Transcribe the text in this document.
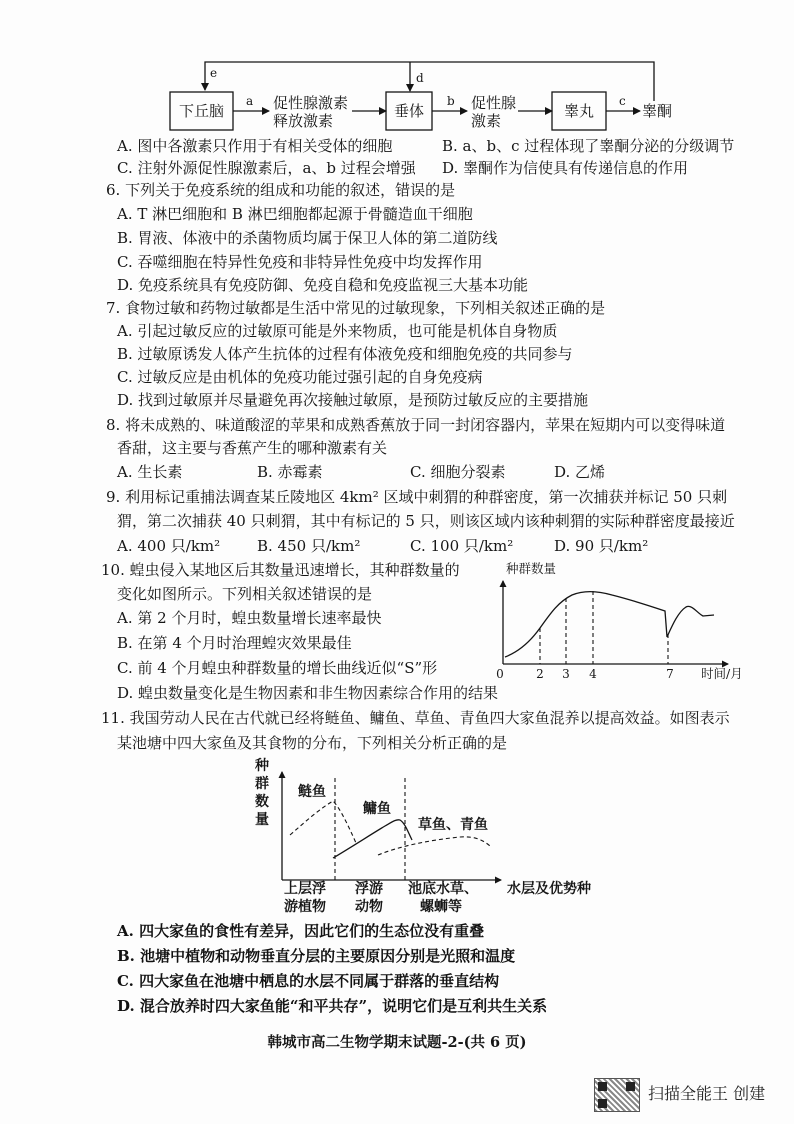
下丘脑
a 促性腺激素
释放激素
垂体
b 促性腺
激素
睾丸
c
睾酮
d
e
A. 图中各激素只作用于有相关受体的细胞	B. a、b、c 过程体现了睾酮分泌的分级调节
C. 注射外源促性腺激素后，a、b 过程会增强 D. 睾酮作为信使具有传递信息的作用
6. 下列关于免疫系统的组成和功能的叙述，错误的是
A. T 淋巴细胞和 B 淋巴细胞都起源于骨髓造血干细胞
B. 胃液、体液中的杀菌物质均属于保卫人体的第二道防线
C. 吞噬细胞在特异性免疫和非特异性免疫中均发挥作用
D. 免疫系统具有免疫防御、免疫自稳和免疫监视三大基本功能
7. 食物过敏和药物过敏都是生活中常见的过敏现象，下列相关叙述正确的是
A. 引起过敏反应的过敏原可能是外来物质，也可能是机体自身物质
B. 过敏原诱发人体产生抗体的过程有体液免疫和细胞免疫的共同参与
C. 过敏反应是由机体的免疫功能过强引起的自身免疫病
D. 找到过敏原并尽量避免再次接触过敏原，是预防过敏反应的主要措施
8. 将未成熟的、味道酸涩的苹果和成熟香蕉放于同一封闭容器内，苹果在短期内可以变得味道
香甜，这主要与香蕉产生的哪种激素有关
A. 生长素	B. 赤霉素	C. 细胞分裂素	D. 乙烯
9. 利用标记重捕法调查某丘陵地区 4km² 区域中刺猬的种群密度，第一次捕获并标记 50 只刺
猬，第二次捕获 40 只刺猬，其中有标记的 5 只，则该区域内该种刺猬的实际种群密度最接近
A. 400 只/km² B. 450 只/km²	C. 100 只/km²	D. 90 只/km²
10. 蝗虫侵入某地区后其数量迅速增长，其种群数量的
变化如图所示。下列相关叙述错误的是
A. 第 2 个月时，蝗虫数量增长速率最快
B. 在第 4 个月时治理蝗灾效果最佳
C. 前 4 个月蝗虫种群数量的增长曲线近似“S”形
D. 蝗虫数量变化是生物因素和非生物因素综合作用的结果
种群数量
时间/月
0	2 3 4	7
11. 我国劳动人民在古代就已经将鲢鱼、鳙鱼、草鱼、青鱼四大家鱼混养以提高效益。如图表示
某池塘中四大家鱼及其食物的分布，下列相关分析正确的是
种群数量
鲢鱼
鳙鱼
草鱼、青鱼
上层浮
游植物
浮游
动物
池底水草、
螺蛳等
水层及优势种
A. 四大家鱼的食性有差异，因此它们的生态位没有重叠
B. 池塘中植物和动物垂直分层的主要原因分别是光照和温度
C. 四大家鱼在池塘中栖息的水层不同属于群落的垂直结构
D. 混合放养时四大家鱼能“和平共存”，说明它们是互利共生关系
韩城市高二生物学期末试题-2-(共 6 页)
扫描全能王 创建
